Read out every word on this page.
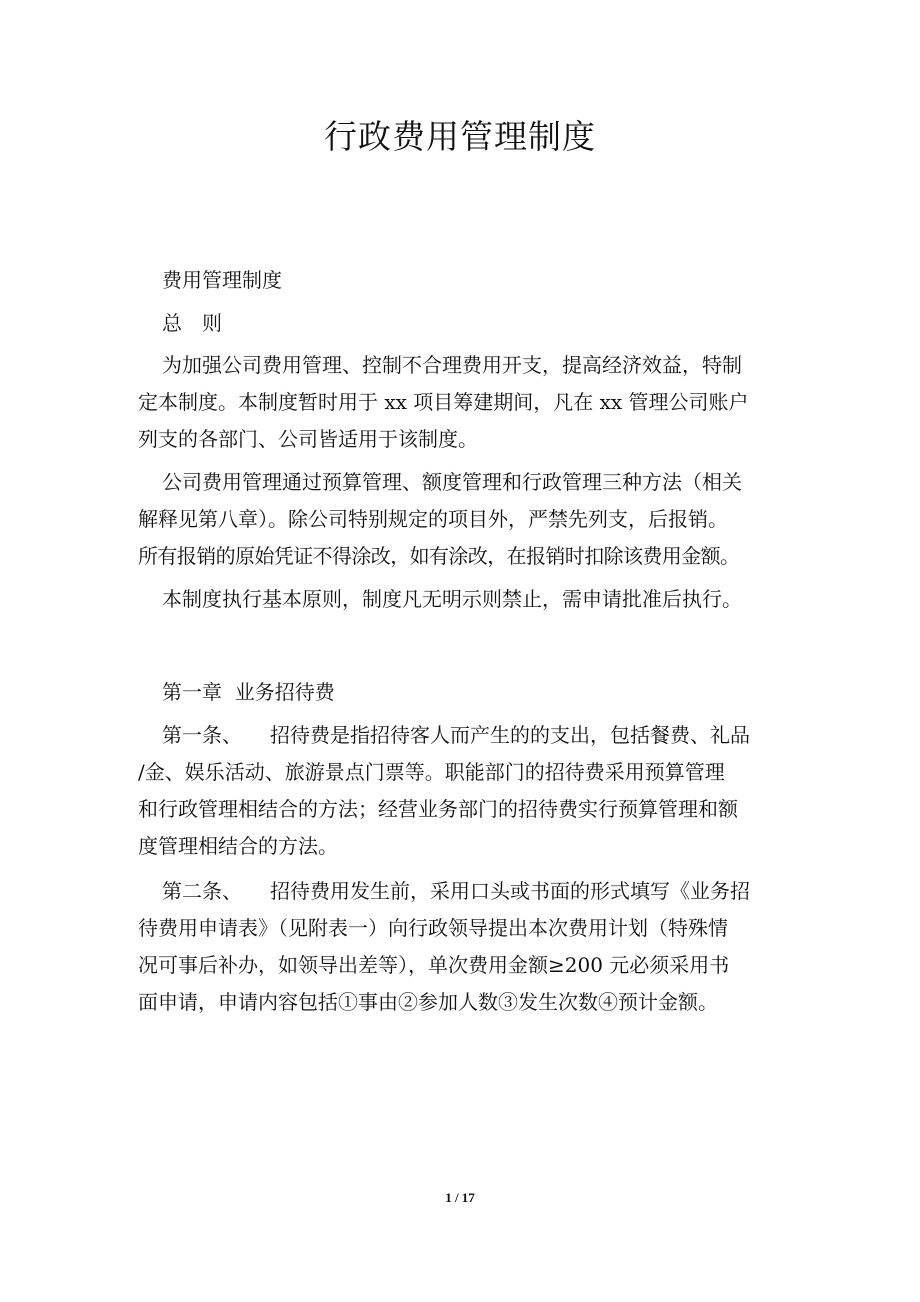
行政费用管理制度

费用管理制度

总　则

为加强公司费用管理、控制不合理费用开支，提高经济效益，特制

定本制度。本制度暂时用于 xx 项目筹建期间，凡在 xx 管理公司账户

列支的各部门、公司皆适用于该制度。

公司费用管理通过预算管理、额度管理和行政管理三种方法（相关

解释见第八章）。除公司特别规定的项目外，严禁先列支，后报销。

所有报销的原始凭证不得涂改，如有涂改，在报销时扣除该费用金额。

本制度执行基本原则，制度凡无明示则禁止，需申请批准后执行。

第一章  业务招待费

第一条、 招待费是指招待客人而产生的的支出，包括餐费、礼品

/金、娱乐活动、旅游景点门票等。职能部门的招待费采用预算管理

和行政管理相结合的方法；经营业务部门的招待费实行预算管理和额

度管理相结合的方法。

第二条、 招待费用发生前，采用口头或书面的形式填写《业务招

待费用申请表》（见附表一）向行政领导提出本次费用计划（特殊情

况可事后补办，如领导出差等），单次费用金额≥200 元必须采用书

面申请，申请内容包括①事由②参加人数③发生次数④预计金额。

1 / 17
